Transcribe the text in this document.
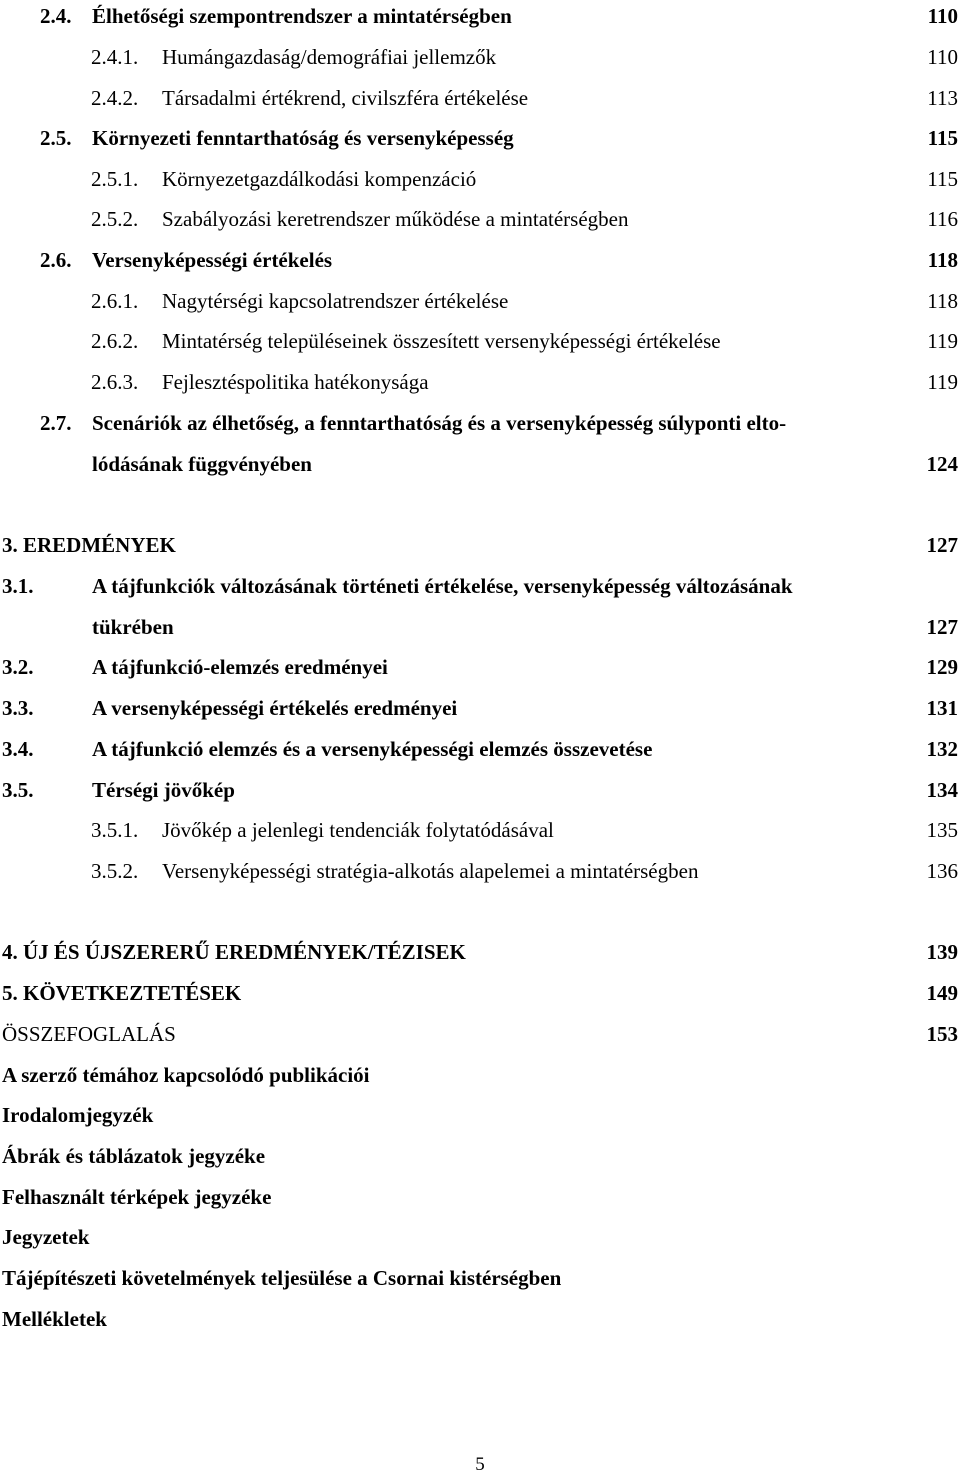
2.4. Élhetőségi szempontrendszer a mintatérségben	110
2.4.1. Humángazdaság/demográfiai jellemzők	110
2.4.2. Társadalmi értékrend, civilszféra értékelése	113
2.5. Környezeti fenntarthatóság és versenyképesség	115
2.5.1. Környezetgazdálkodási kompenzáció	115
2.5.2. Szabályozási keretrendszer működése a mintatérségben	116
2.6. Versenyképességi értékelés	118
2.6.1. Nagytérségi kapcsolatrendszer értékelése	118
2.6.2. Mintatérség településeinek összesített versenyképességi értékelése	119
2.6.3. Fejlesztéspolitika hatékonysága	119
2.7. Scenáriók az élhetőség, a fenntarthatóság és a versenyképesség súlyponti elto-
lódásának függvényében	124
3. EREDMÉNYEK	127
3.1.	A tájfunkciók változásának történeti értékelése, versenyképesség változásának
tükrében	127
3.2.	A tájfunkció-elemzés eredményei	129
3.3.	A versenyképességi értékelés eredményei	131
3.4.	A tájfunkció elemzés és a versenyképességi elemzés összevetése	132
3.5.	Térségi jövőkép	134
3.5.1. Jövőkép a jelenlegi tendenciák folytatódásával	135
3.5.2. Versenyképességi stratégia-alkotás alapelemei a mintatérségben	136
4. ÚJ ÉS ÚJSZERERŰ EREDMÉNYEK/TÉZISEK	139
5. KÖVETKEZTETÉSEK	149
ÖSSZEFOGLALÁS	153
A szerző témához kapcsolódó publikációi
Irodalomjegyzék
Ábrák és táblázatok jegyzéke
Felhasznált térképek jegyzéke
Jegyzetek
Tájépítészeti követelmények teljesülése a Csornai kistérségben
Mellékletek
5
